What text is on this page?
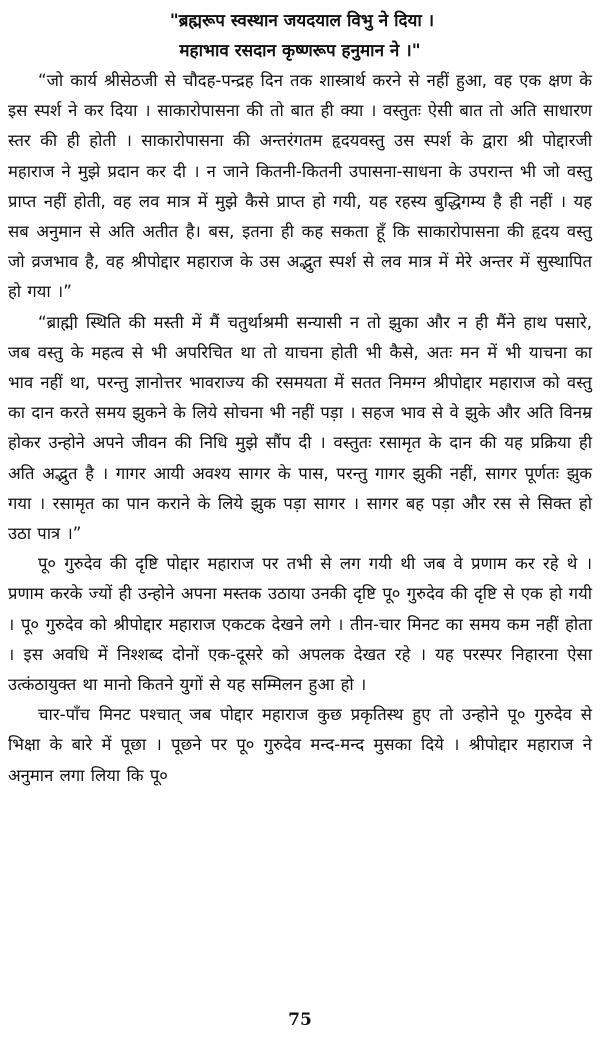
"ब्रह्मरूप स्वस्थान जयदयाल विभु ने दिया ।
महाभाव रसदान कृष्णरूप हनुमान ने ।"

“जो कार्य श्रीसेठजी से चौदह-पन्द्रह दिन तक शास्त्रार्थ करने से नहीं हुआ, वह एक क्षण के इस स्पर्श ने कर दिया । साकारोपासना की तो बात ही क्या । वस्तुतः ऐसी बात तो अति साधारण स्तर की ही होती । साकारोपासना की अन्तरंगतम हृदयवस्तु उस स्पर्श के द्वारा श्री पोद्दारजी महाराज ने मुझे प्रदान कर दी । न जाने कितनी-कितनी उपासना-साधना के उपरान्त भी जो वस्तु प्राप्त नहीं होती, वह लव मात्र में मुझे कैसे प्राप्त हो गयी, यह रहस्य बुद्धिगम्य है ही नहीं । यह सब अनुमान से अति अतीत है। बस, इतना ही कह सकता हूँ कि साकारोपासना की हृदय वस्तु जो व्रजभाव है, वह श्रीपोद्दार महाराज के उस अद्भुत स्पर्श से लव मात्र में मेरे अन्तर में सुस्थापित हो गया ।”

“ब्राह्मी स्थिति की मस्ती में मैं चतुर्थाश्रमी सन्यासी न तो झुका और न ही मैंने हाथ पसारे, जब वस्तु के महत्व से भी अपरिचित था तो याचना होती भी कैसे, अतः मन में भी याचना का भाव नहीं था, परन्तु ज्ञानोत्तर भावराज्य की रसमयता में सतत निमग्न श्रीपोद्दार महाराज को वस्तु का दान करते समय झुकने के लिये सोचना भी नहीं पड़ा । सहज भाव से वे झुके और अति विनम्र होकर उन्होने अपने जीवन की निधि मुझे सौंप दी । वस्तुतः रसामृत के दान की यह प्रक्रिया ही अति अद्भुत है । गागर आयी अवश्य सागर के पास, परन्तु गागर झुकी नहीं, सागर पूर्णतः झुक गया । रसामृत का पान कराने के लिये झुक पड़ा सागर । सागर बह पड़ा और रस से सिक्त हो उठा पात्र ।”

पू० गुरुदेव की दृष्टि पोद्दार महाराज पर तभी से लग गयी थी जब वे प्रणाम कर रहे थे । प्रणाम करके ज्यों ही उन्होने अपना मस्तक उठाया उनकी दृष्टि पू० गुरुदेव की दृष्टि से एक हो गयी । पू० गुरुदेव को श्रीपोद्दार महाराज एकटक देखने लगे । तीन-चार मिनट का समय कम नहीं होता । इस अवधि में निश्शब्द दोनों एक-दूसरे को अपलक देखत रहे । यह परस्पर निहारना ऐसा उत्कंठायुक्त था मानो कितने युगों से यह सम्मिलन हुआ हो ।

चार-पाँच मिनट पश्चात् जब पोद्दार महाराज कुछ प्रकृतिस्थ हुए तो उन्होने पू० गुरुदेव से भिक्षा के बारे में पूछा । पूछने पर पू० गुरुदेव मन्द-मन्द मुसका दिये । श्रीपोद्दार महाराज ने अनुमान लगा लिया कि पू०

75
